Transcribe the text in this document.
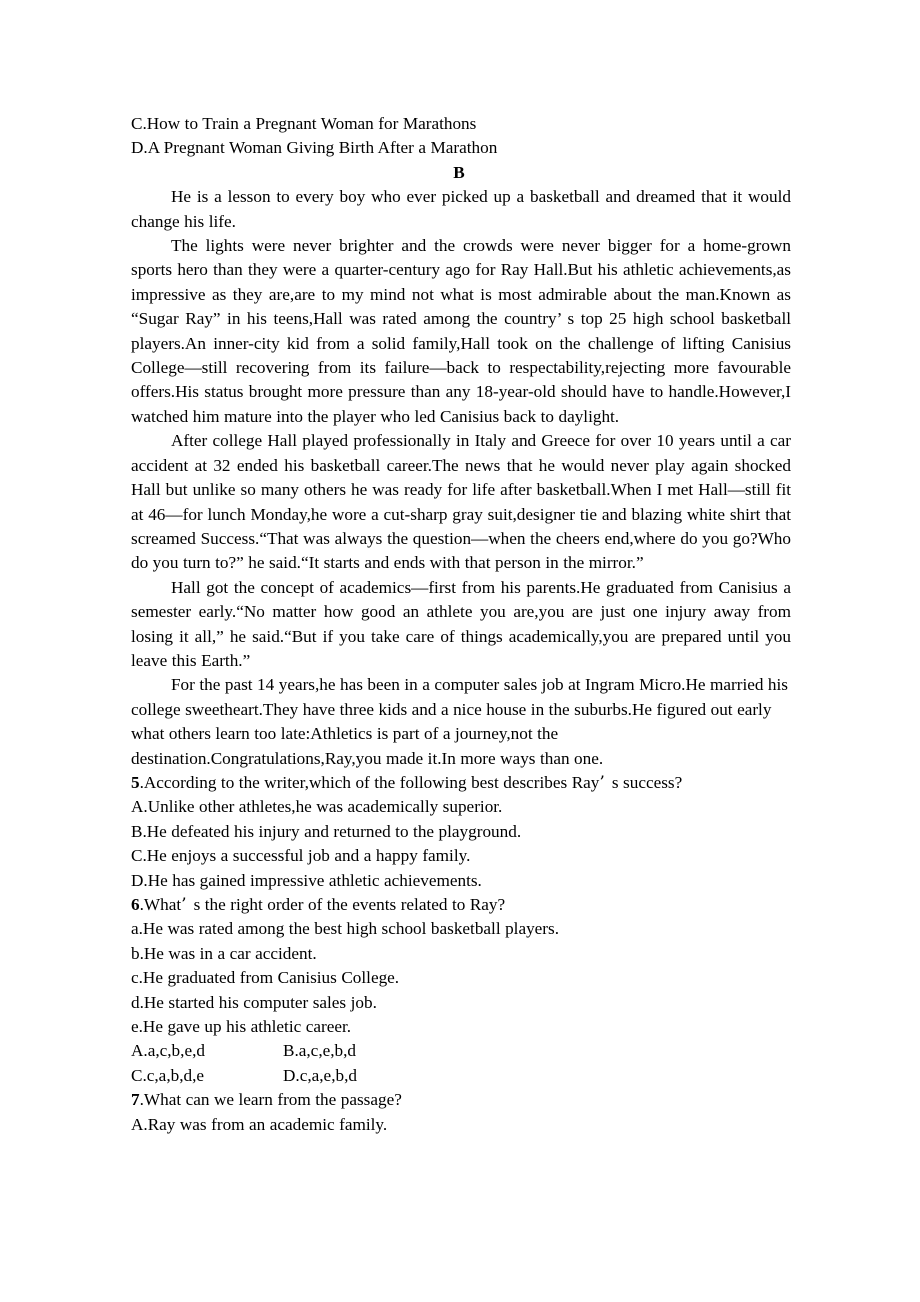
C.How to Train a Pregnant Woman for Marathons
D.A Pregnant Woman Giving Birth After a Marathon
B

He is a lesson to every boy who ever picked up a basketball and dreamed that it would change his life.

The lights were never brighter and the crowds were never bigger for a home-grown sports hero than they were a quarter-century ago for Ray Hall.But his athletic achievements,as impressive as they are,are to my mind not what is most admirable about the man.Known as “Sugar Ray” in his teens,Hall was rated among the country’ s top 25 high school basketball players.An inner-city kid from a solid family,Hall took on the challenge of lifting Canisius College—still recovering from its failure—back to respectability,rejecting more favourable offers.His status brought more pressure than any 18-year-old should have to handle.However,I watched him mature into the player who led Canisius back to daylight.

After college Hall played professionally in Italy and Greece for over 10 years until a car accident at 32 ended his basketball career.The news that he would never play again shocked Hall but unlike so many others he was ready for life after basketball.When I met Hall—still fit at 46—for lunch Monday,he wore a cut-sharp gray suit,designer tie and blazing white shirt that screamed Success.“That was always the question—when the cheers end,where do you go?Who do you turn to?” he said.“It starts and ends with that person in the mirror.”

Hall got the concept of academics—first from his parents.He graduated from Canisius a semester early.“No matter how good an athlete you are,you are just one injury away from losing it all,” he said.“But if you take care of things academically,you are prepared until you leave this Earth.”

For the past 14 years,he has been in a computer sales job at Ingram Micro.He married his college sweetheart.They have three kids and a nice house in the suburbs.He figured out early what others learn too late:Athletics is part of a journey,not the destination.Congratulations,Ray,you made it.In more ways than one.

5.According to the writer,which of the following best describes Ray’ s success?
A.Unlike other athletes,he was academically superior.
B.He defeated his injury and returned to the playground.
C.He enjoys a successful job and a happy family.
D.He has gained impressive athletic achievements.
6.What’ s the right order of the events related to Ray?
a.He was rated among the best high school basketball players.
b.He was in a car accident.
c.He graduated from Canisius College.
d.He started his computer sales job.
e.He gave up his athletic career.
A.a,c,b,e,d	B.a,c,e,b,d
C.c,a,b,d,e	D.c,a,e,b,d
7.What can we learn from the passage?
A.Ray was from an academic family.
